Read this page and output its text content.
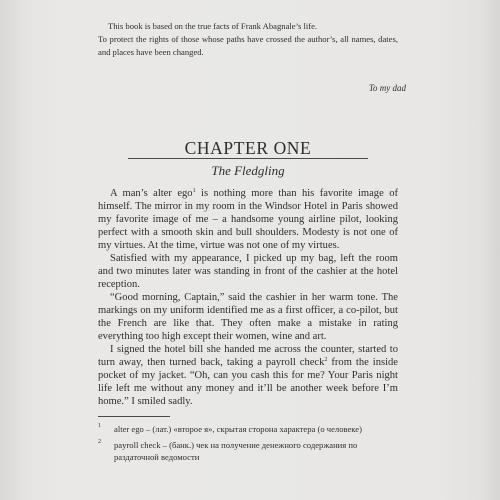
This book is based on the true facts of Frank Abagnale’s life.

To protect the rights of those whose paths have crossed the author’s, all names, dates, and places have been changed.

To my dad
CHAPTER ONE
The Fledgling

A man’s alter ego$^1$ is nothing more than his favorite image of himself. The mirror in my room in the Windsor Hotel in Paris showed my favorite image of me – a handsome young airline pilot, looking perfect with a smooth skin and bull shoulders. Modesty is not one of my virtues. At the time, virtue was not one of my virtues.

Satisfied with my appearance, I picked up my bag, left the room and two minutes later was standing in front of the cashier at the hotel reception.

“Good morning, Captain,” said the cashier in her warm tone. The markings on my uniform identified me as a first officer, a co-pilot, but the French are like that. They often make a mistake in rating everything too high except their women, wine and art.

I signed the hotel bill she handed me across the counter, started to turn away, then turned back, taking a payroll check$^2$ from the inside pocket of my jacket. “Oh, can you cash this for me? Your Paris night life left me without any money and it’ll be another week before I’m home.” I smiled sadly.

1 alter ego – (лат.) «второе я», скрытая сторона характера (о человеке)
2 payroll check – (банк.) чек на получение денежного содержания по раздаточной ведомости
